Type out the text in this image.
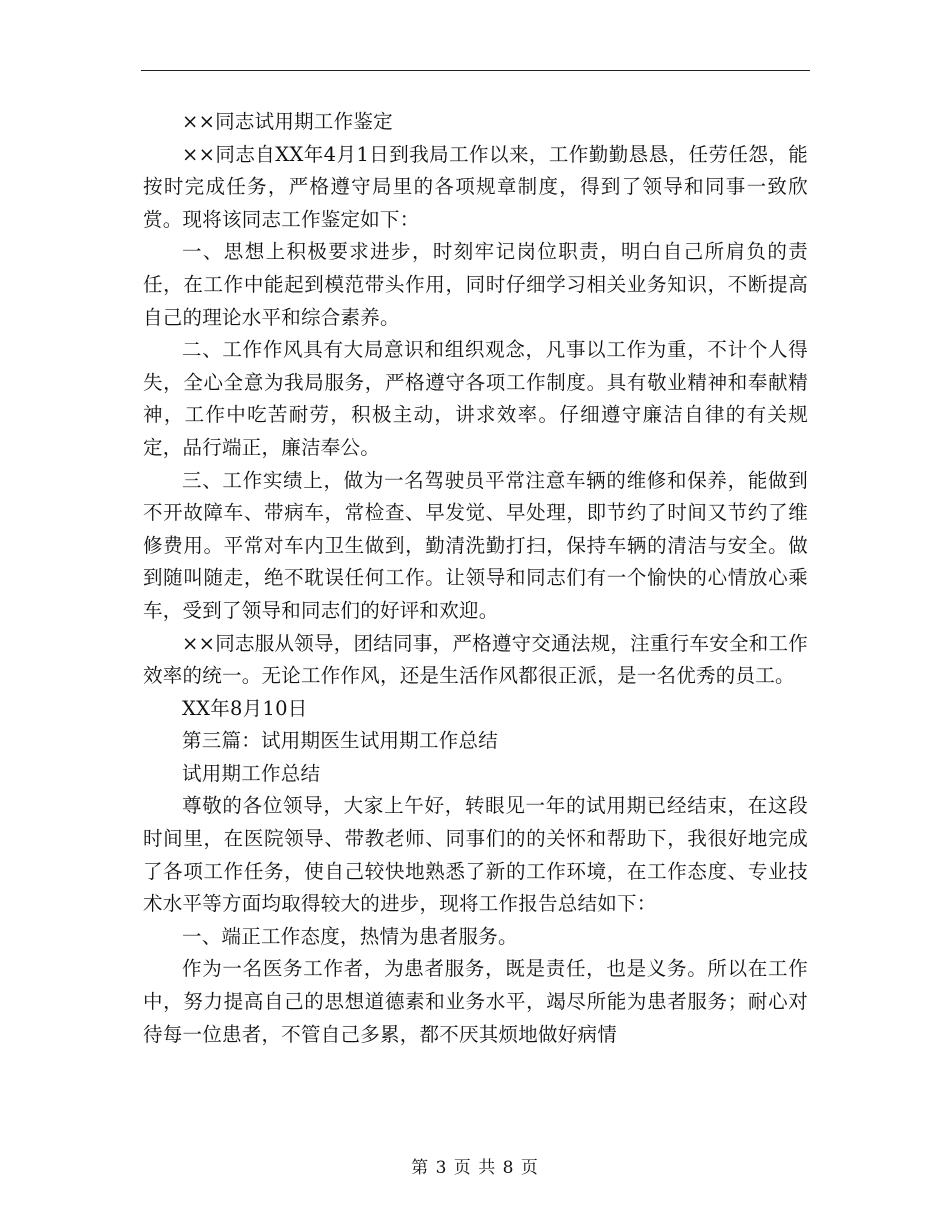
××同志试用期工作鉴定

××同志自XX年4月1日到我局工作以来，工作勤勤恳恳，任劳任怨，能按时完成任务，严格遵守局里的各项规章制度，得到了领导和同事一致欣赏。现将该同志工作鉴定如下：

一、思想上积极要求进步，时刻牢记岗位职责，明白自己所肩负的责任，在工作中能起到模范带头作用，同时仔细学习相关业务知识，不断提高自己的理论水平和综合素养。

二、工作作风具有大局意识和组织观念，凡事以工作为重，不计个人得失，全心全意为我局服务，严格遵守各项工作制度。具有敬业精神和奉献精神，工作中吃苦耐劳，积极主动，讲求效率。仔细遵守廉洁自律的有关规定，品行端正，廉洁奉公。

三、工作实绩上，做为一名驾驶员平常注意车辆的维修和保养，能做到不开故障车、带病车，常检查、早发觉、早处理，即节约了时间又节约了维修费用。平常对车内卫生做到，勤清洗勤打扫，保持车辆的清洁与安全。做到随叫随走，绝不耽误任何工作。让领导和同志们有一个愉快的心情放心乘车，受到了领导和同志们的好评和欢迎。

××同志服从领导，团结同事，严格遵守交通法规，注重行车安全和工作效率的统一。无论工作作风，还是生活作风都很正派，是一名优秀的员工。

XX年8月10日

第三篇：试用期医生试用期工作总结

试用期工作总结

尊敬的各位领导，大家上午好，转眼见一年的试用期已经结束，在这段时间里，在医院领导、带教老师、同事们的的关怀和帮助下，我很好地完成了各项工作任务，使自己较快地熟悉了新的工作环境，在工作态度、专业技术水平等方面均取得较大的进步，现将工作报告总结如下：

一、端正工作态度，热情为患者服务。

作为一名医务工作者，为患者服务，既是责任，也是义务。所以在工作中，努力提高自己的思想道德素和业务水平，竭尽所能为患者服务；耐心对待每一位患者，不管自己多累，都不厌其烦地做好病情

第 3 页 共 8 页
